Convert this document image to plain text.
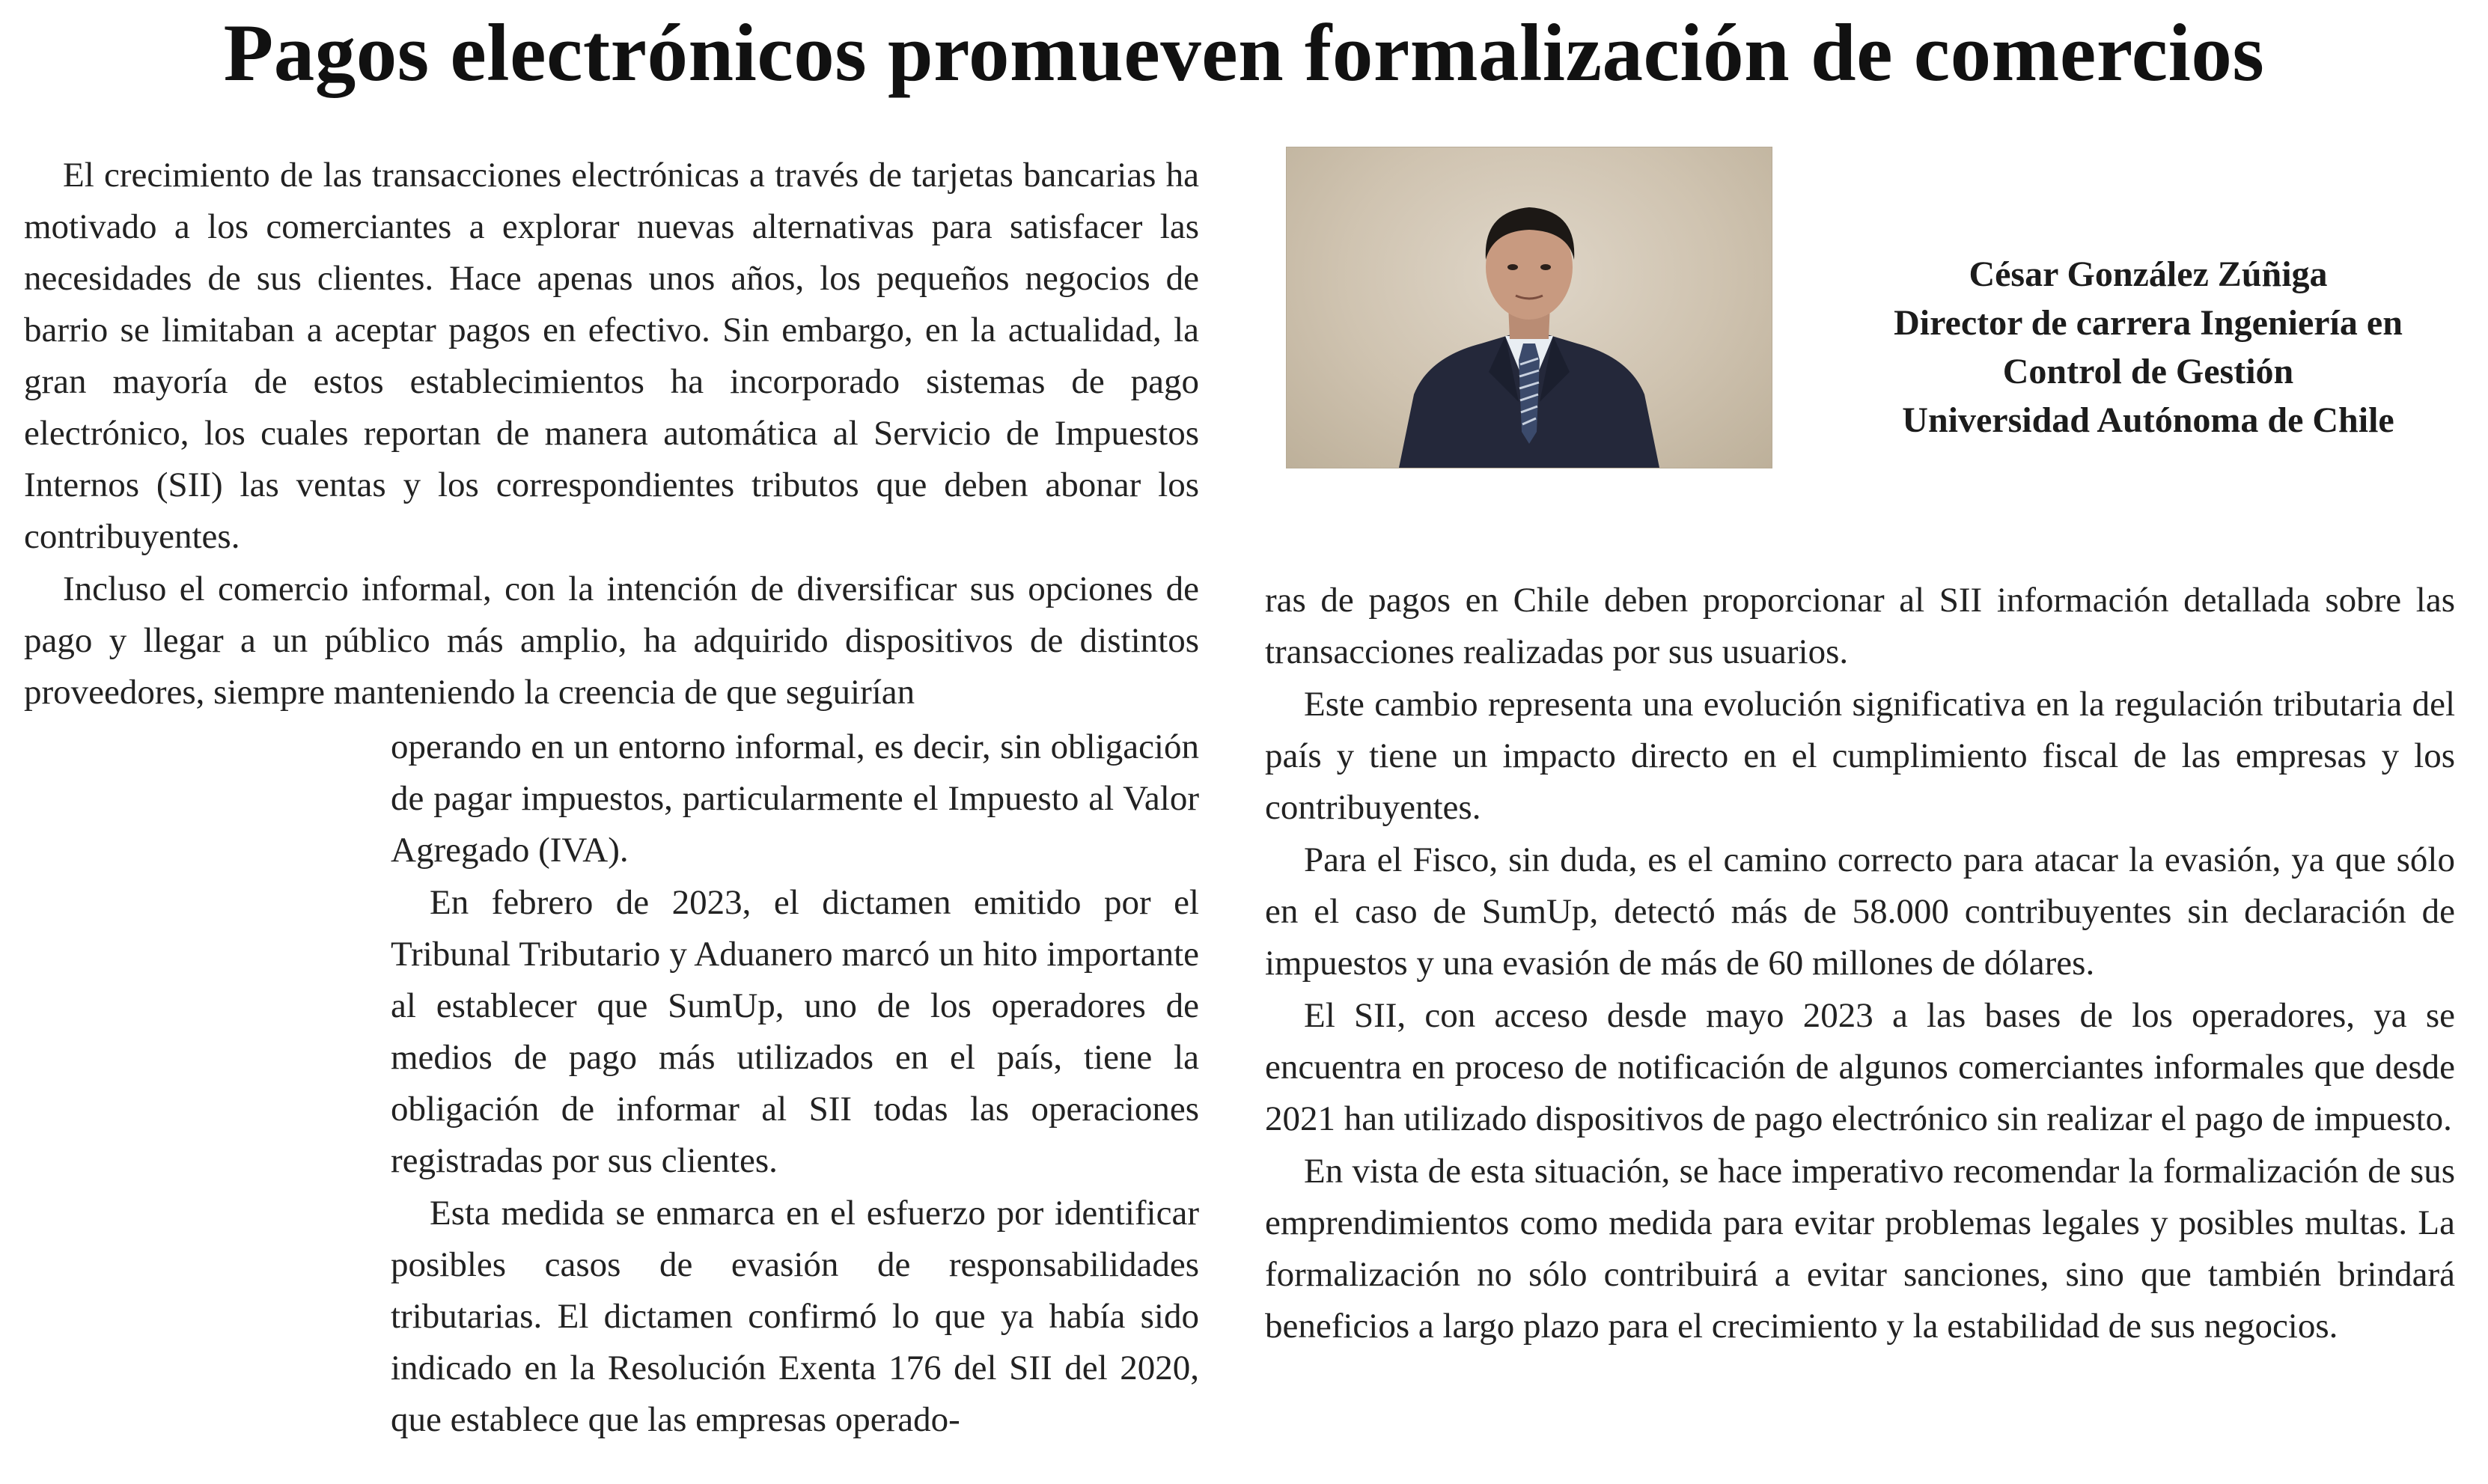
Pagos electrónicos promueven formalización de comercios

El crecimiento de las transacciones electrónicas a través de tarjetas bancarias ha motivado a los comerciantes a explorar nuevas alternativas para satisfacer las necesidades de sus clientes. Hace apenas unos años, los pequeños negocios de barrio se limitaban a aceptar pagos en efectivo. Sin embargo, en la actualidad, la gran mayoría de estos establecimientos ha incorporado sistemas de pago electrónico, los cuales reportan de manera automática al Servicio de Impuestos Internos (SII) las ventas y los correspondientes tributos que deben abonar los contribuyentes.

Incluso el comercio informal, con la intención de diversificar sus opciones de pago y llegar a un público más amplio, ha adquirido dispositivos de distintos proveedores, siempre manteniendo la creencia de que seguirían

operando en un entorno informal, es decir, sin obligación de pagar impuestos, particularmente el Impuesto al Valor Agregado (IVA).

En febrero de 2023, el dictamen emitido por el Tribunal Tributario y Aduanero marcó un hito importante al establecer que SumUp, uno de los operadores de medios de pago más utilizados en el país, tiene la obligación de informar al SII todas las operaciones registradas por sus clientes.

Esta medida se enmarca en el esfuerzo por identificar posibles casos de evasión de responsabilidades tributarias. El dictamen confirmó lo que ya había sido indicado en la Resolución Exenta 176 del SII del 2020, que establece que las empresas operado-

César González Zúñiga
Director de carrera Ingeniería en
Control de Gestión
Universidad Autónoma de Chile

ras de pagos en Chile deben proporcionar al SII información detallada sobre las transacciones realizadas por sus usuarios.

Este cambio representa una evolución significativa en la regulación tributaria del país y tiene un impacto directo en el cumplimiento fiscal de las empresas y los contribuyentes.

Para el Fisco, sin duda, es el camino correcto para atacar la evasión, ya que sólo en el caso de SumUp, detectó más de 58.000 contribuyentes sin declaración de impuestos y una evasión de más de 60 millones de dólares.

El SII, con acceso desde mayo 2023 a las bases de los operadores, ya se encuentra en proceso de notificación de algunos comerciantes informales que desde 2021 han utilizado dispositivos de pago electrónico sin realizar el pago de impuesto.

En vista de esta situación, se hace imperativo recomendar la formalización de sus emprendimientos como medida para evitar problemas legales y posibles multas. La formalización no sólo contribuirá a evitar sanciones, sino que también brindará beneficios a largo plazo para el crecimiento y la estabilidad de sus negocios.
